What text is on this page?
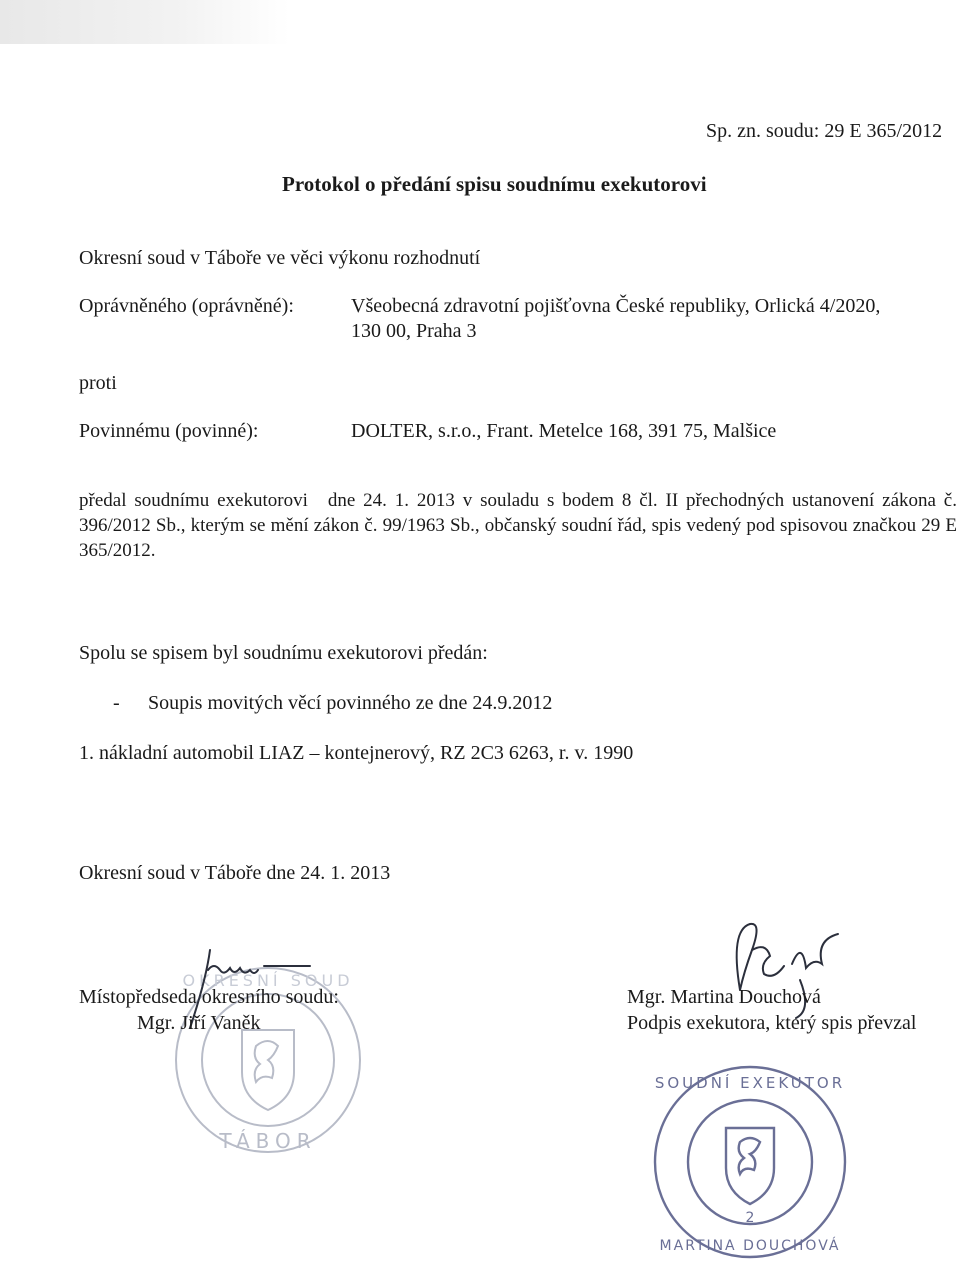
Sp. zn. soudu: 29 E 365/2012
Protokol o předání spisu soudnímu exekutorovi
Okresní soud v Táboře ve věci výkonu rozhodnutí
Oprávněného (oprávněné):	Všeobecná zdravotní pojišťovna České republiky, Orlická 4/2020,
130 00, Praha 3
proti
Povinnému (povinné):	DOLTER, s.r.o., Frant. Metelce 168, 391 75, Malšice
předal soudnímu exekutorovi dne 24. 1. 2013 v souladu s bodem 8 čl. II přechodných ustanovení zákona č. 396/2012 Sb., kterým se mění zákon č. 99/1963 Sb., občanský soudní řád, spis vedený pod spisovou značkou 29 E 365/2012.
Spolu se spisem byl soudnímu exekutorovi předán:
- Soupis movitých věcí povinného ze dne 24.9.2012
1. nákladní automobil LIAZ – kontejnerový, RZ 2C3 6263, r. v. 1990
Okresní soud v Táboře dne 24. 1. 2013
TÁBOR
OKRESNÍ SOUD
Místopředseda okresního soudu:
Mgr. Jiří Vaněk
Mgr. Martina Douchová
Podpis exekutora, který spis převzal
2
SOUDNÍ EXEKUTOR
MARTINA DOUCHOVÁ
